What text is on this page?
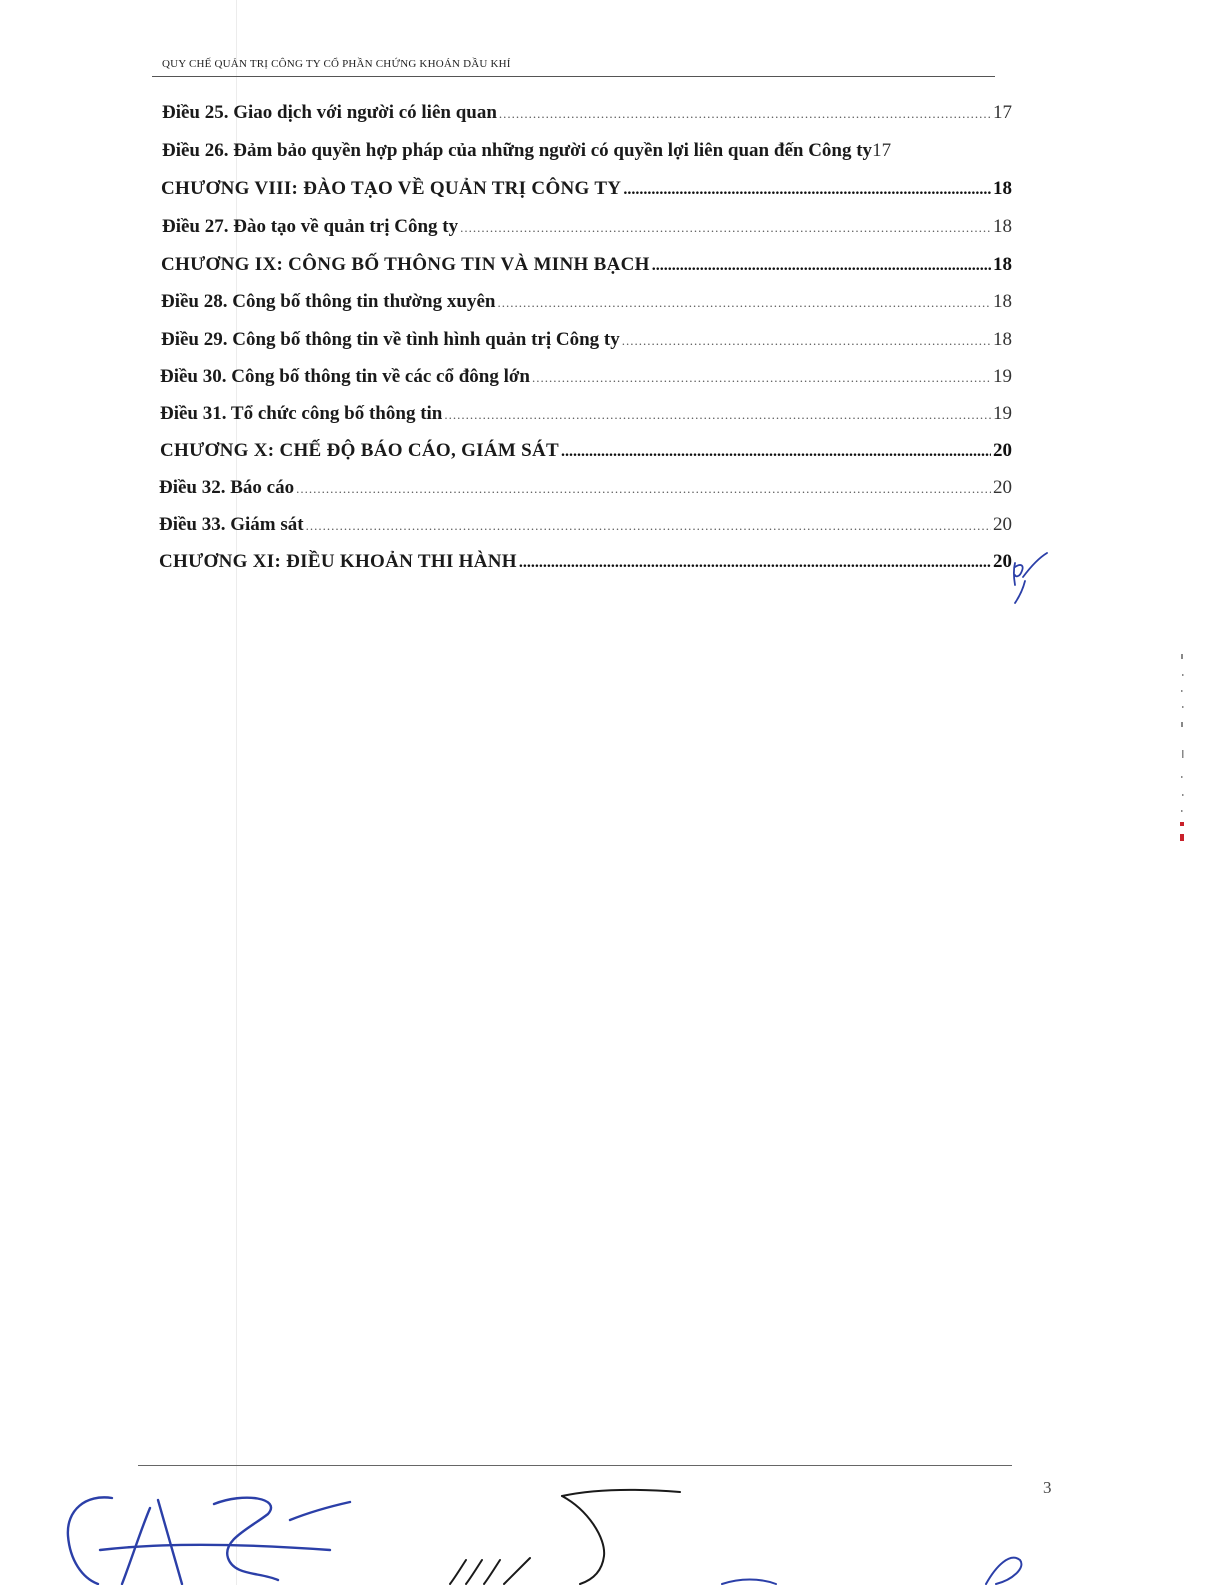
QUY CHẾ QUẢN TRỊ CÔNG TY CỔ PHẦN CHỨNG KHOÁN DẦU KHÍ
Điều 25. Giao dịch với người có liên quan .....	17
Điều 26. Đảm bảo quyền hợp pháp của những người có quyền lợi liên quan đến Công ty 17
CHƯƠNG VIII: ĐÀO TẠO VỀ QUẢN TRỊ CÔNG TY .....	18
Điều 27. Đào tạo về quản trị Công ty .....	18
CHƯƠNG IX: CÔNG BỐ THÔNG TIN VÀ MINH BẠCH .....	18
Điều 28. Công bố thông tin thường xuyên .....	18
Điều 29. Công bố thông tin về tình hình quản trị Công ty .....	18
Điều 30. Công bố thông tin về các cổ đông lớn .....	19
Điều 31. Tổ chức công bố thông tin .....	19
CHƯƠNG X: CHẾ ĐỘ BÁO CÁO, GIÁM SÁT .....	20
Điều 32. Báo cáo .....	20
Điều 33. Giám sát .....	20
CHƯƠNG XI: ĐIỀU KHOẢN THI HÀNH .....	20
3
